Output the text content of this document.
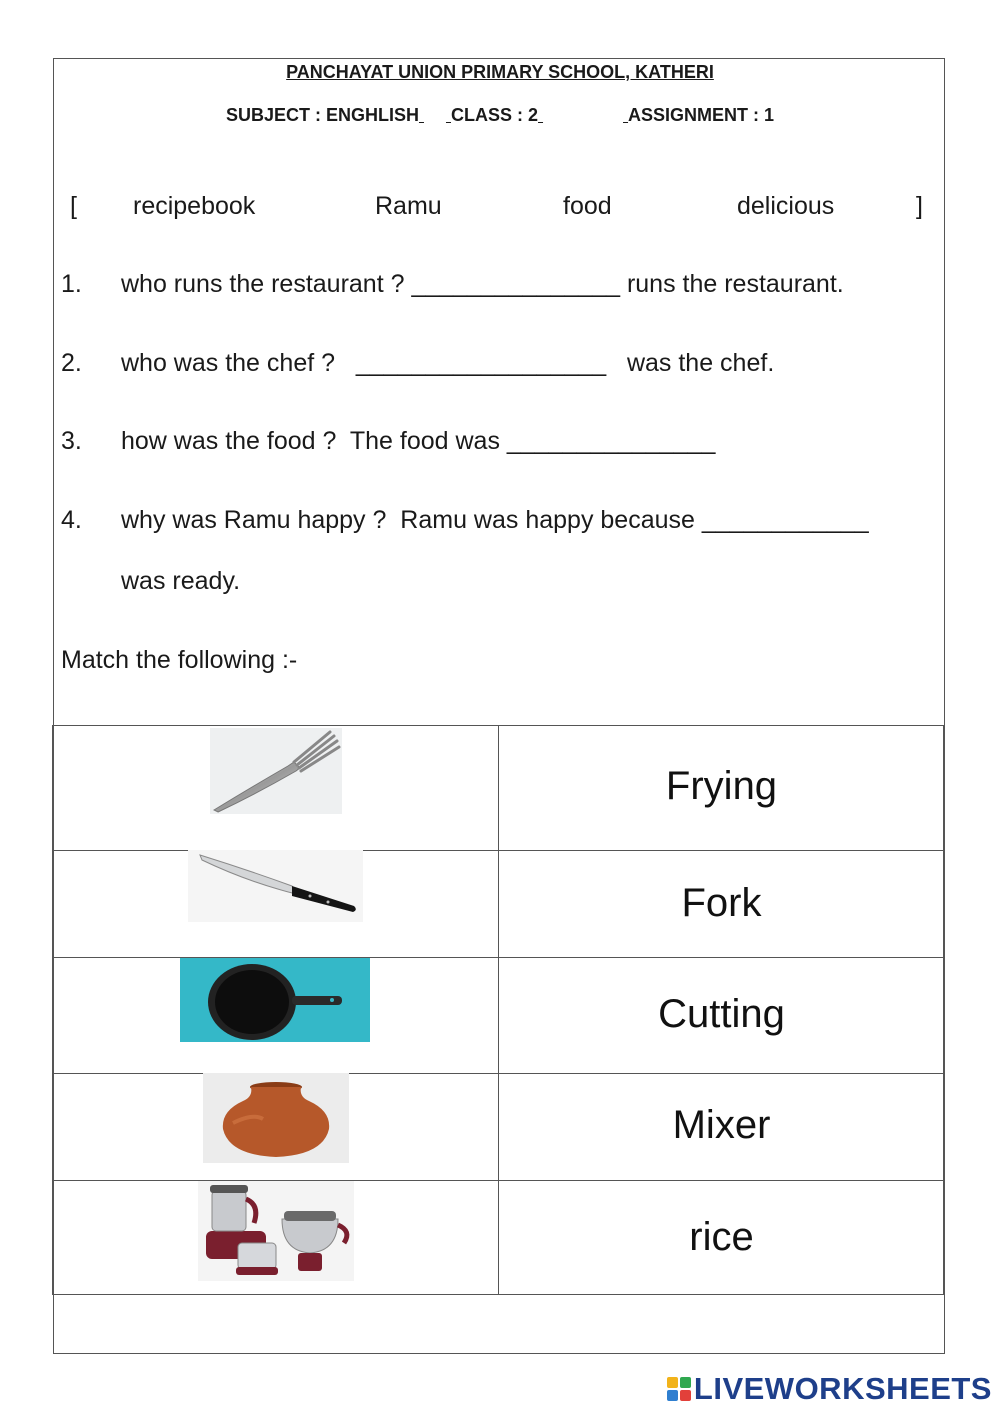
PANCHAYAT UNION PRIMARY SCHOOL, KATHERI
SUBJECT : ENGHLISH CLASS : 2	ASSIGNMENT : 1
[ recipebook	Ramu	food	delicious	]
1. who runs the restaurant ? _______________ runs the restaurant.
2. who was the chef ?   __________________   was the chef.
3. how was the food ?  The food was _______________
4. why was Ramu happy ?  Ramu was happy because ____________
was ready.
Match the following :-
Frying
Fork
Cutting
Mixer
rice
LIVEWORKSHEETS
